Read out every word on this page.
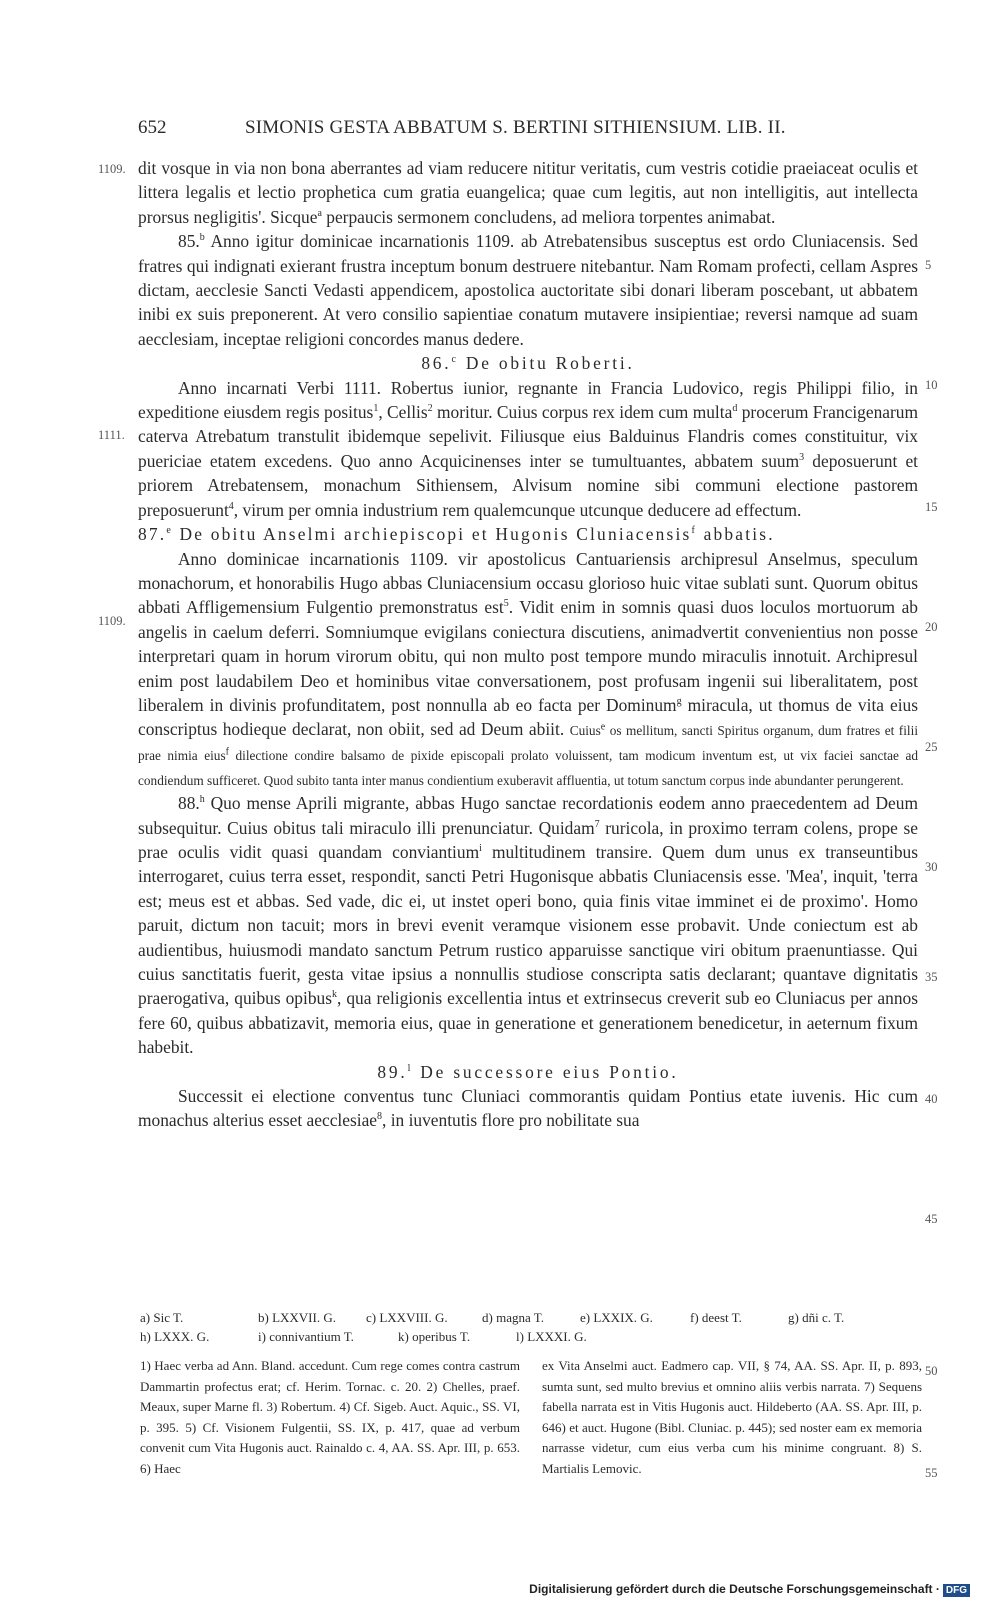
652	SIMONIS GESTA ABBATUM S. BERTINI SITHIENSIUM. LIB. II.
1109.
1111.
1109.
5
10
15
20
25
30
35
40
45
50
55

dit vosque in via non bona aberrantes ad viam reducere nititur veritatis, cum vestris cotidie praeiaceat oculis et littera legalis et lectio prophetica cum gratia euangelica; quae cum legitis, aut non intelligitis, aut intellecta prorsus negligitis'. Sicque$^a$ perpaucis sermonem concludens, ad meliora torpentes animabat.

85.$^b$ Anno igitur dominicae incarnationis 1109. ab Atrebatensibus susceptus est ordo Cluniacensis. Sed fratres qui indignati exierant frustra inceptum bonum destruere nitebantur. Nam Romam profecti, cellam Aspres dictam, aecclesie Sancti Vedasti appendicem, apostolica auctoritate sibi donari liberam poscebant, ut abbatem inibi ex suis preponerent. At vero consilio sapientiae conatum mutavere insipientiae; reversi namque ad suam aecclesiam, inceptae religioni concordes manus dedere.

86.$^c$ De obitu Roberti.

Anno incarnati Verbi 1111. Robertus iunior, regnante in Francia Ludovico, regis Philippi filio, in expeditione eiusdem regis positus$^1$, Cellis$^2$ moritur. Cuius corpus rex idem cum multa$^d$ procerum Francigenarum caterva Atrebatum transtulit ibidemque sepelivit. Filiusque eius Balduinus Flandris comes constituitur, vix puericiae etatem excedens. Quo anno Acquicinenses inter se tumultuantes, abbatem suum$^3$ deposuerunt et priorem Atrebatensem, monachum Sithiensem, Alvisum nomine sibi communi electione pastorem preposuerunt$^4$, virum per omnia industrium rem qualemcunque utcunque deducere ad effectum.

87.$^e$ De obitu Anselmi archiepiscopi et Hugonis Cluniacensis$^f$ abbatis.

Anno dominicae incarnationis 1109. vir apostolicus Cantuariensis archipresul Anselmus, speculum monachorum, et honorabilis Hugo abbas Cluniacensium occasu glorioso huic vitae sublati sunt. Quorum obitus abbati Affligemensium Fulgentio premonstratus est$^5$. Vidit enim in somnis quasi duos loculos mortuorum ab angelis in caelum deferri. Somniumque evigilans coniectura discutiens, animadvertit convenientius non posse interpretari quam in horum virorum obitu, qui non multo post tempore mundo miraculis innotuit. Archipresul enim post laudabilem Deo et hominibus vitae conversationem, post profusam ingenii sui liberalitatem, post liberalem in divinis profunditatem, post nonnulla ab eo facta per Dominum$^g$ miracula, ut thomus de vita eius conscriptus hodieque declarat, non obiit, sed ad Deum abiit. Cuius$^e$ os mellitum, sancti Spiritus organum, dum fratres et filii prae nimia eius$^f$ dilectione condire balsamo de pixide episcopali prolato voluissent, tam modicum inventum est, ut vix faciei sanctae ad condiendum sufficeret. Quod subito tanta inter manus condientium exuberavit affluentia, ut totum sanctum corpus inde abundanter perungerent.

88.$^h$ Quo mense Aprili migrante, abbas Hugo sanctae recordationis eodem anno praecedentem ad Deum subsequitur. Cuius obitus tali miraculo illi prenunciatur. Quidam$^7$ ruricola, in proximo terram colens, prope se prae oculis vidit quasi quandam conviantium$^i$ multitudinem transire. Quem dum unus ex transeuntibus interrogaret, cuius terra esset, respondit, sancti Petri Hugonisque abbatis Cluniacensis esse. 'Mea', inquit, 'terra est; meus est et abbas. Sed vade, dic ei, ut instet operi bono, quia finis vitae imminet ei de proximo'. Homo paruit, dictum non tacuit; mors in brevi evenit veramque visionem esse probavit. Unde coniectum est ab audientibus, huiusmodi mandato sanctum Petrum rustico apparuisse sanctique viri obitum praenuntiasse. Qui cuius sanctitatis fuerit, gesta vitae ipsius a nonnullis studiose conscripta satis declarant; quantave dignitatis praerogativa, quibus opibus$^k$, qua religionis excellentia intus et extrinsecus creverit sub eo Cluniacus per annos fere 60, quibus abbatizavit, memoria eius, quae in generatione et generationem benedicetur, in aeternum fixum habebit.

89.$^l$ De successore eius Pontio.

Successit ei electione conventus tunc Cluniaci commorantis quidam Pontius etate iuvenis. Hic cum monachus alterius esset aecclesiae$^8$, in iuventutis flore pro nobilitate sua

a) Sic T.	b) LXXVII. G.	c) LXXVIII. G.	d) magna T.	e) LXXIX. G.	f) deest T.	g) dñi c. T.
h) LXXX. G.	i) connivantium T.	k) operibus T.	l) LXXXI. G.
1) Haec verba ad Ann. Bland. accedunt. Cum rege comes contra castrum Dammartin profectus erat; cf. Herim. Tornac. c. 20. 2) Chelles, praef. Meaux, super Marne fl. 3) Robertum. 4) Cf. Sigeb. Auct. Aquic., SS. VI, p. 395. 5) Cf. Visionem Fulgentii, SS. IX, p. 417, quae ad verbum convenit cum Vita Hugonis auct. Rainaldo c. 4, AA. SS. Apr. III, p. 653. 6) Haec
ex Vita Anselmi auct. Eadmero cap. VII, § 74, AA. SS. Apr. II, p. 893, sumta sunt, sed multo brevius et omnino aliis verbis narrata. 7) Sequens fabella narrata est in Vitis Hugonis auct. Hildeberto (AA. SS. Apr. III, p. 646) et auct. Hugone (Bibl. Cluniac. p. 445); sed noster eam ex memoria narrasse videtur, cum eius verba cum his minime congruant. 8) S. Martialis Lemovic.
Digitalisierung gefördert durch die Deutsche Forschungsgemeinschaft · DFG
